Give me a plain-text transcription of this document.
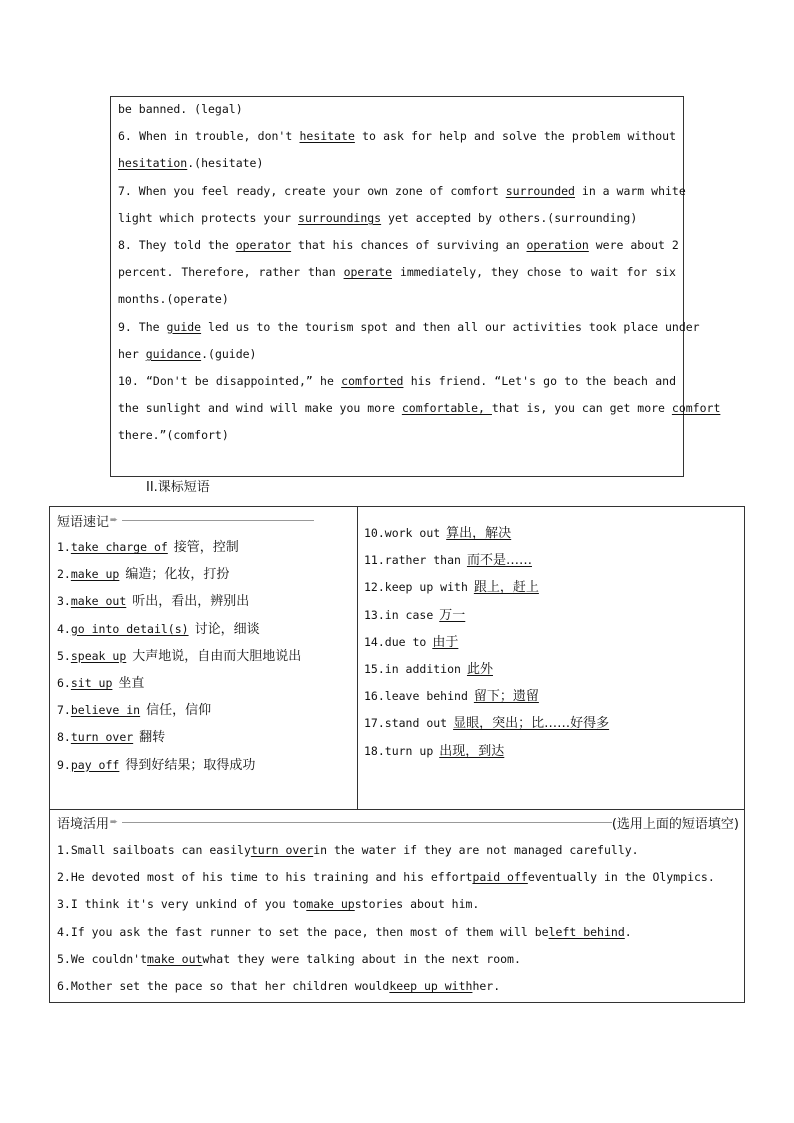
be banned. (legal)
6. When in trouble, don't hesitate to ask for help and solve the problem without
hesitation.(hesitate)
7. When you feel ready, create your own zone of comfort surrounded in a warm white
light which protects your surroundings yet accepted by others.(surrounding)
8. They told the operator that his chances of surviving an operation were about 2
percent. Therefore, rather than operate immediately, they chose to wait for six
months.(operate)
9. The guide led us to the tourism spot and then all our activities took place under
her guidance.(guide)
10. “Don't be disappointed,” he comforted his friend. “Let's go to the beach and
the sunlight and wind will make you more comfortable,_that is, you can get more comfort
there.”(comfort)
II.课标短语
短语速记 ➨
1. take charge of 接管，控制
2. make up 编造；化妆，打扮
3. make out 听出，看出，辨别出
4. go into detail(s) 讨论，细谈
5. speak up 大声地说，自由而大胆地说出
6. sit up 坐直
7. believe in 信任，信仰
8. turn over 翻转
9. pay off 得到好结果；取得成功
10. work out 算出，解决
11. rather than 而不是……
12. keep up with 跟上，赶上
13. in case 万一
14. due to 由于
15. in addition 此外
16. leave behind 留下；遗留
17. stand out 显眼，突出；比……好得多
18. turn up 出现，到达
语境活用 ➨	(选用上面的短语填空)
1. Small sailboats can easily turn over in the water if they are not managed carefully.
2. He devoted most of his time to his training and his effort paid off eventually in the Olympics.
3. I think it's very unkind of you to make up stories about him.
4. If you ask the fast runner to set the pace, then most of them will be left behind .
5. We couldn't make out what they were talking about in the next room.
6. Mother set the pace so that her children would keep up with her.
